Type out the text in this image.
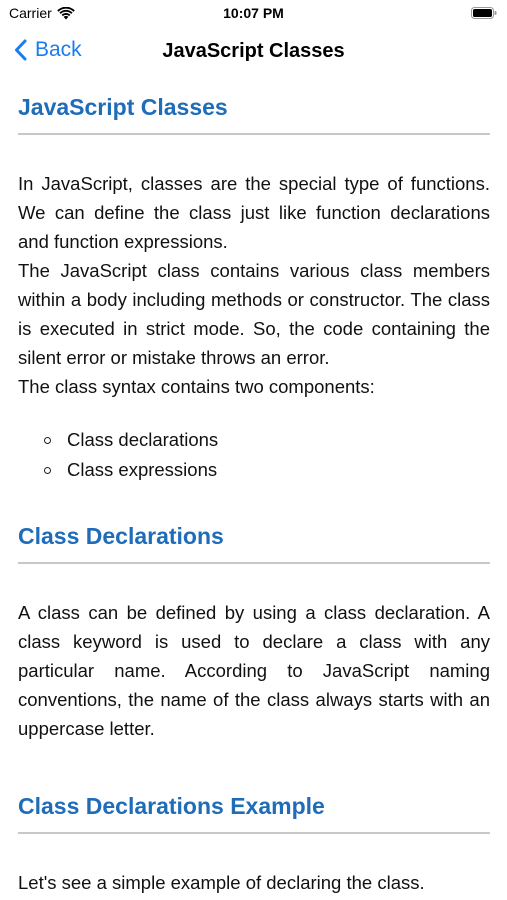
Carrier	10:07 PM
Back	JavaScript Classes
JavaScript Classes

In JavaScript, classes are the special type of functions. We can define the class just like function declarations and function expressions.

The JavaScript class contains various class members within a body including methods or constructor. The class is executed in strict mode. So, the code containing the silent error or mistake throws an error.

The class syntax contains two components:

Class declarations
Class expressions
Class Declarations

A class can be defined by using a class declaration. A class keyword is used to declare a class with any particular name. According to JavaScript naming conventions, the name of the class always starts with an uppercase letter.

Class Declarations Example

Let's see a simple example of declaring the class.
